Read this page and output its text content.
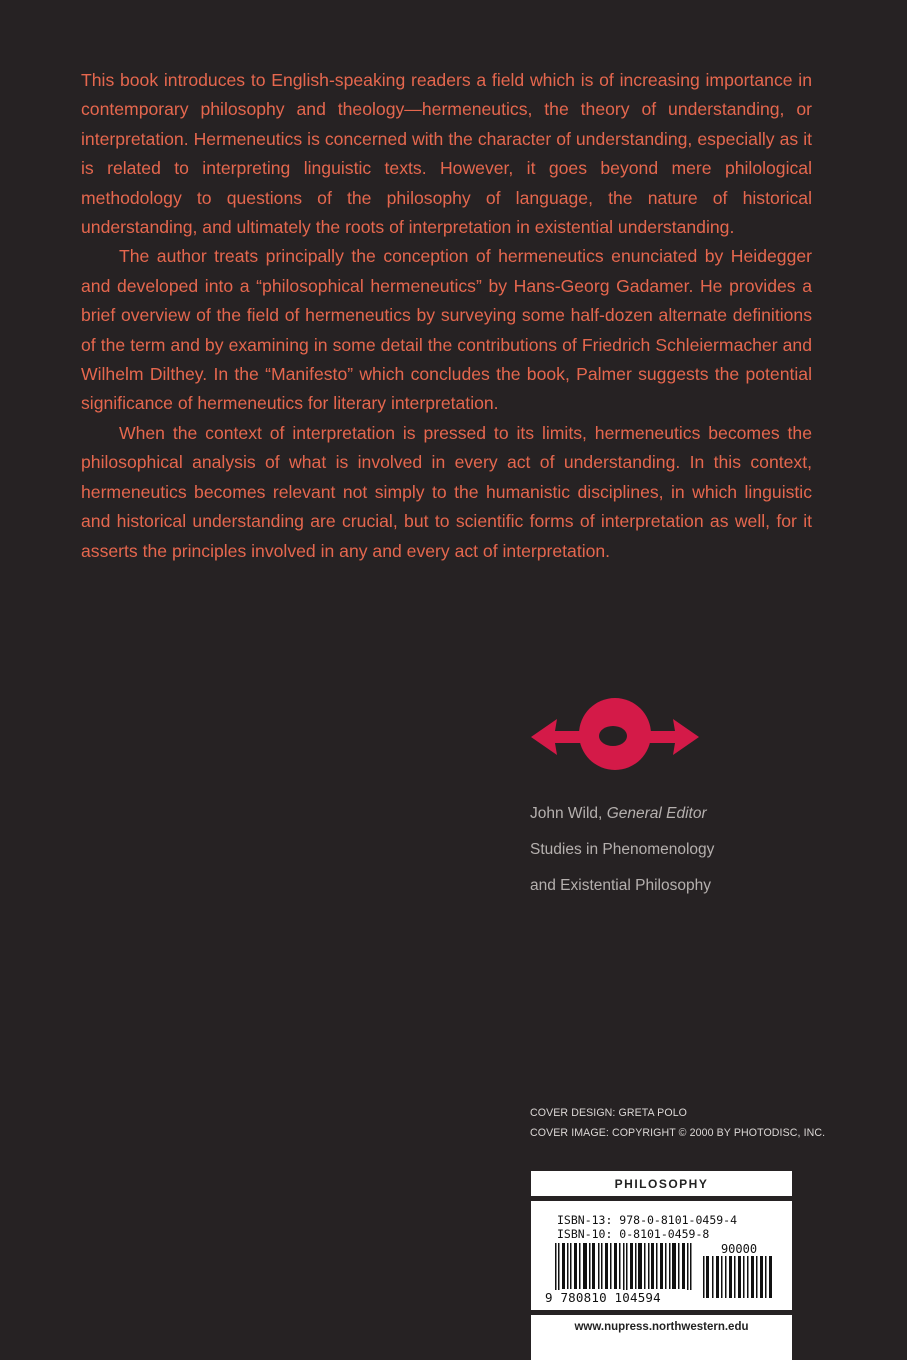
This book introduces to English-speaking readers a field which is of increasing importance in contemporary philosophy and theology—hermeneutics, the theory of understanding, or interpretation. Hermeneutics is concerned with the character of understanding, especially as it is related to interpreting linguistic texts. However, it goes beyond mere philological methodology to questions of the philosophy of language, the nature of historical understanding, and ultimately the roots of interpretation in existential understanding.

The author treats principally the conception of hermeneutics enunciated by Heidegger and developed into a “philosophical hermeneutics” by Hans-Georg Gadamer. He provides a brief overview of the field of hermeneutics by surveying some half-dozen alternate definitions of the term and by examining in some detail the contributions of Friedrich Schleiermacher and Wilhelm Dilthey. In the “Manifesto” which concludes the book, Palmer suggests the potential significance of hermeneutics for literary interpretation.

When the context of interpretation is pressed to its limits, hermeneutics becomes the philosophical analysis of what is involved in every act of understanding. In this context, hermeneutics becomes relevant not simply to the humanistic disciplines, in which linguistic and historical understanding are crucial, but to scientific forms of interpretation as well, for it asserts the principles involved in any and every act of interpretation.

John Wild, General Editor
Studies in Phenomenology
and Existential Philosophy
COVER DESIGN: GRETA POLO
COVER IMAGE: COPYRIGHT © 2000 BY PHOTODISC, INC.
PHILOSOPHY
ISBN-13: 978-0-8101-0459-4
ISBN-10: 0-8101-0459-8
90000
9 780810 104594
www.nupress.northwestern.edu
